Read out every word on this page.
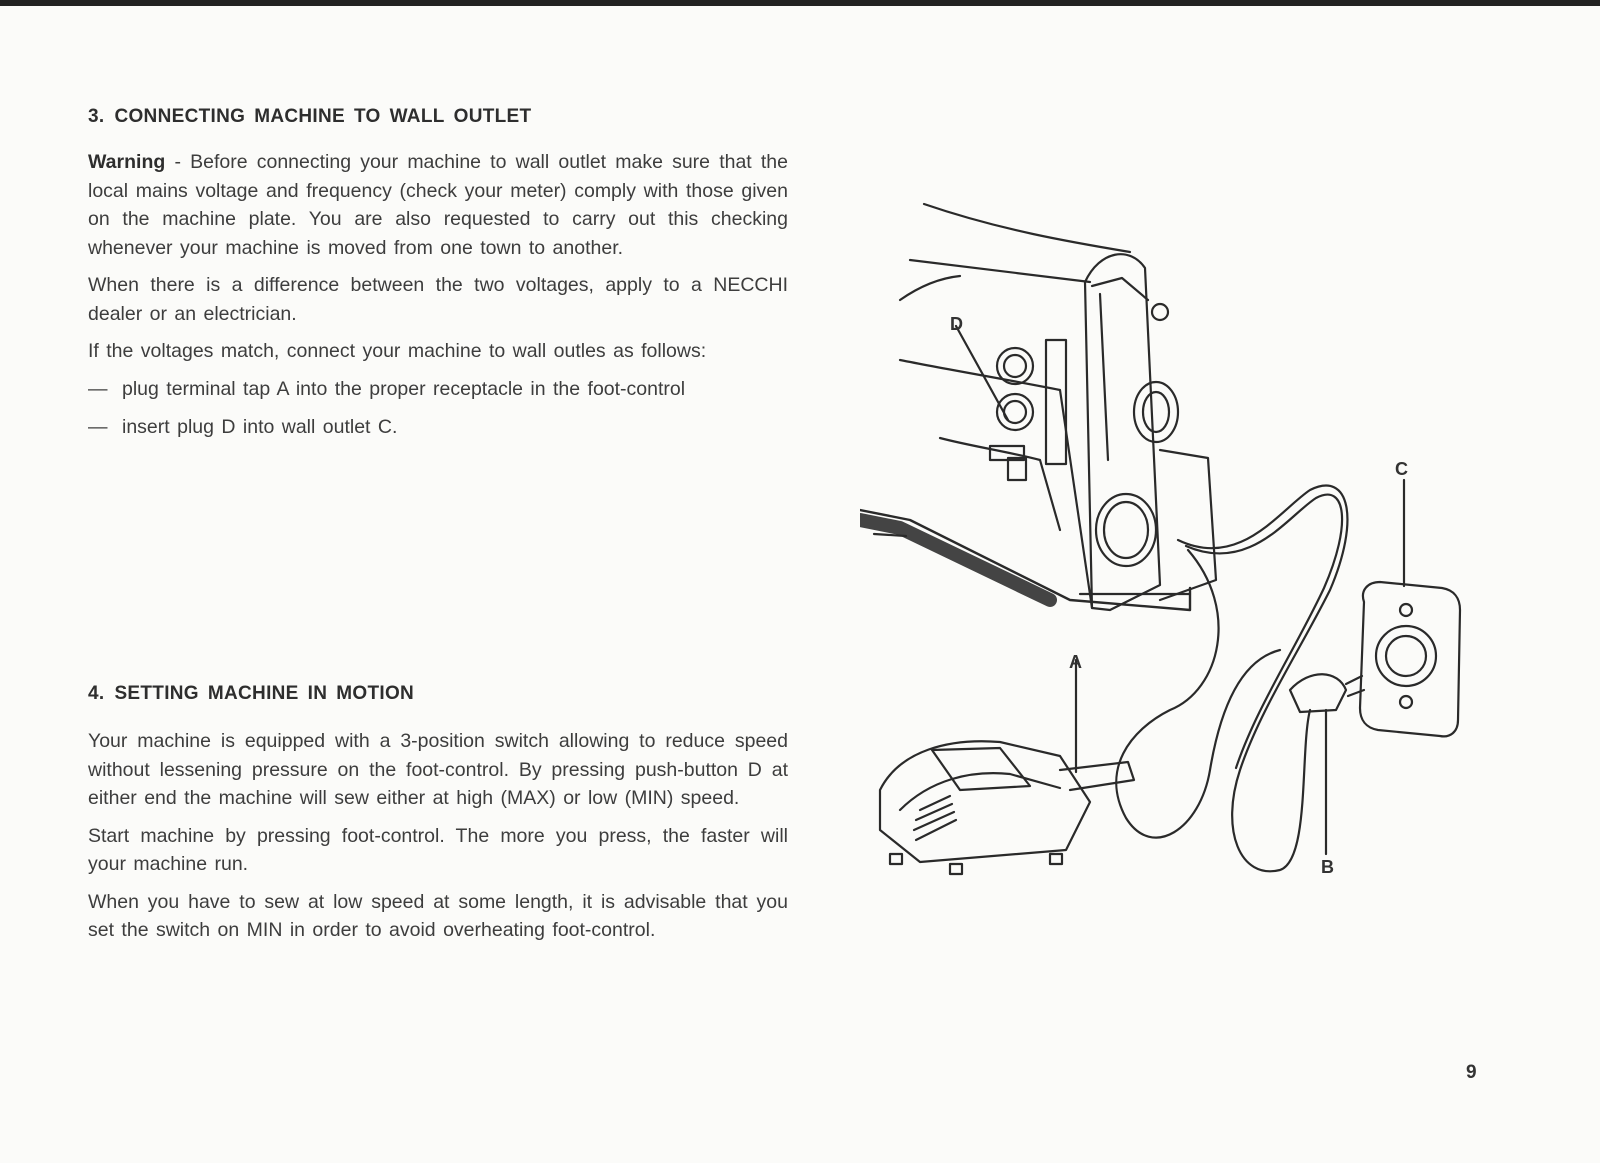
3. CONNECTING MACHINE TO WALL OUTLET

Warning - Before connecting your machine to wall outlet make sure that the local mains voltage and frequency (check your meter) comply with those given on the machine plate. You are also requested to carry out this checking whenever your machine is moved from one town to another.

When there is a difference between the two voltages, apply to a NECCHI dealer or an electrician.

If the voltages match, connect your machine to wall outles as follows:

— plug terminal tap A into the proper receptacle in the foot-control
— insert plug D into wall outlet C.
4. SETTING MACHINE IN MOTION

Your machine is equipped with a 3-position switch allowing to reduce speed without lessening pressure on the foot-control. By pressing push-button D at either end the machine will sew either at high (MAX) or low (MIN) speed.

Start machine by pressing foot-control. The more you press, the faster will your machine run.

When you have to sew at low speed at some length, it is advisable that you set the switch on MIN in order to avoid overheating foot-control.

D
C
A
B
9
